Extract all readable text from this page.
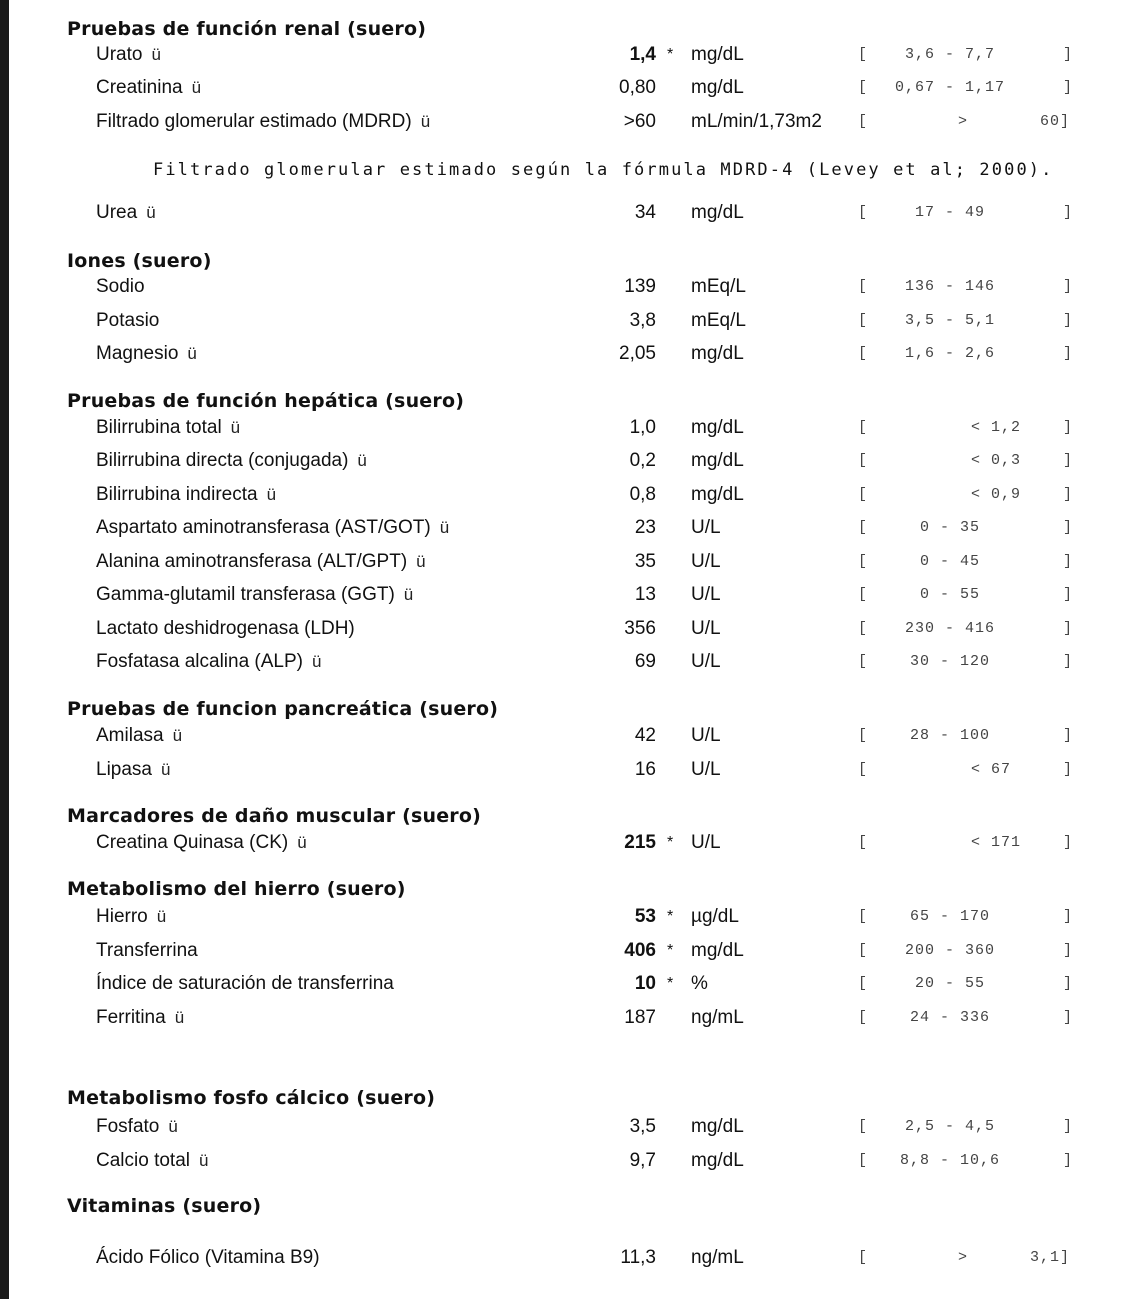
Pruebas de función renal (suero)
Urato ü	1,4 * mg/dL	[	3,6 - 7,7	]
Creatinina ü	0,80 mg/dL	[	0,67 - 1,17	]
Filtrado glomerular estimado (MDRD) ü	>60 mL/min/1,73m2 [	>	60]
Filtrado glomerular estimado según la fórmula MDRD-4 (Levey et al; 2000).
Urea ü	34 mg/dL	[	17 - 49	]
Iones (suero)
Sodio	139 mEq/L	[	136 - 146	]
Potasio	3,8 mEq/L	[	3,5 - 5,1	]
Magnesio ü	2,05 mg/dL	[	1,6 - 2,6	]
Pruebas de función hepática (suero)
Bilirrubina total ü	1,0 mg/dL	[	< 1,2	]
Bilirrubina directa (conjugada) ü	0,2 mg/dL	[	< 0,3	]
Bilirrubina indirecta ü	0,8 mg/dL	[	< 0,9	]
Aspartato aminotransferasa (AST/GOT) ü	23 U/L	[	0 - 35	]
Alanina aminotransferasa (ALT/GPT) ü	35 U/L	[	0 - 45	]
Gamma-glutamil transferasa (GGT) ü	13 U/L	[	0 - 55	]
Lactato deshidrogenasa (LDH)	356 U/L	[	230 - 416	]
Fosfatasa alcalina (ALP) ü	69 U/L	[	30 - 120	]
Pruebas de funcion pancreática (suero)
Amilasa ü	42 U/L	[	28 - 100	]
Lipasa ü	16 U/L	[	< 67	]
Marcadores de daño muscular (suero)
Creatina Quinasa (CK) ü	215 * U/L	[	< 171	]
Metabolismo del hierro (suero)
Hierro ü	53 * µg/dL	[	65 - 170	]
Transferrina	406 * mg/dL	[	200 - 360	]
Índice de saturación de transferrina	10 * %	[	20 - 55	]
Ferritina ü	187 ng/mL	[	24 - 336	]
Metabolismo fosfo cálcico (suero)
Fosfato ü	3,5 mg/dL	[	2,5 - 4,5	]
Calcio total ü	9,7 mg/dL	[	8,8 - 10,6	]
Vitaminas (suero)
Ácido Fólico (Vitamina B9)	11,3 ng/mL	[	>	3,1]
